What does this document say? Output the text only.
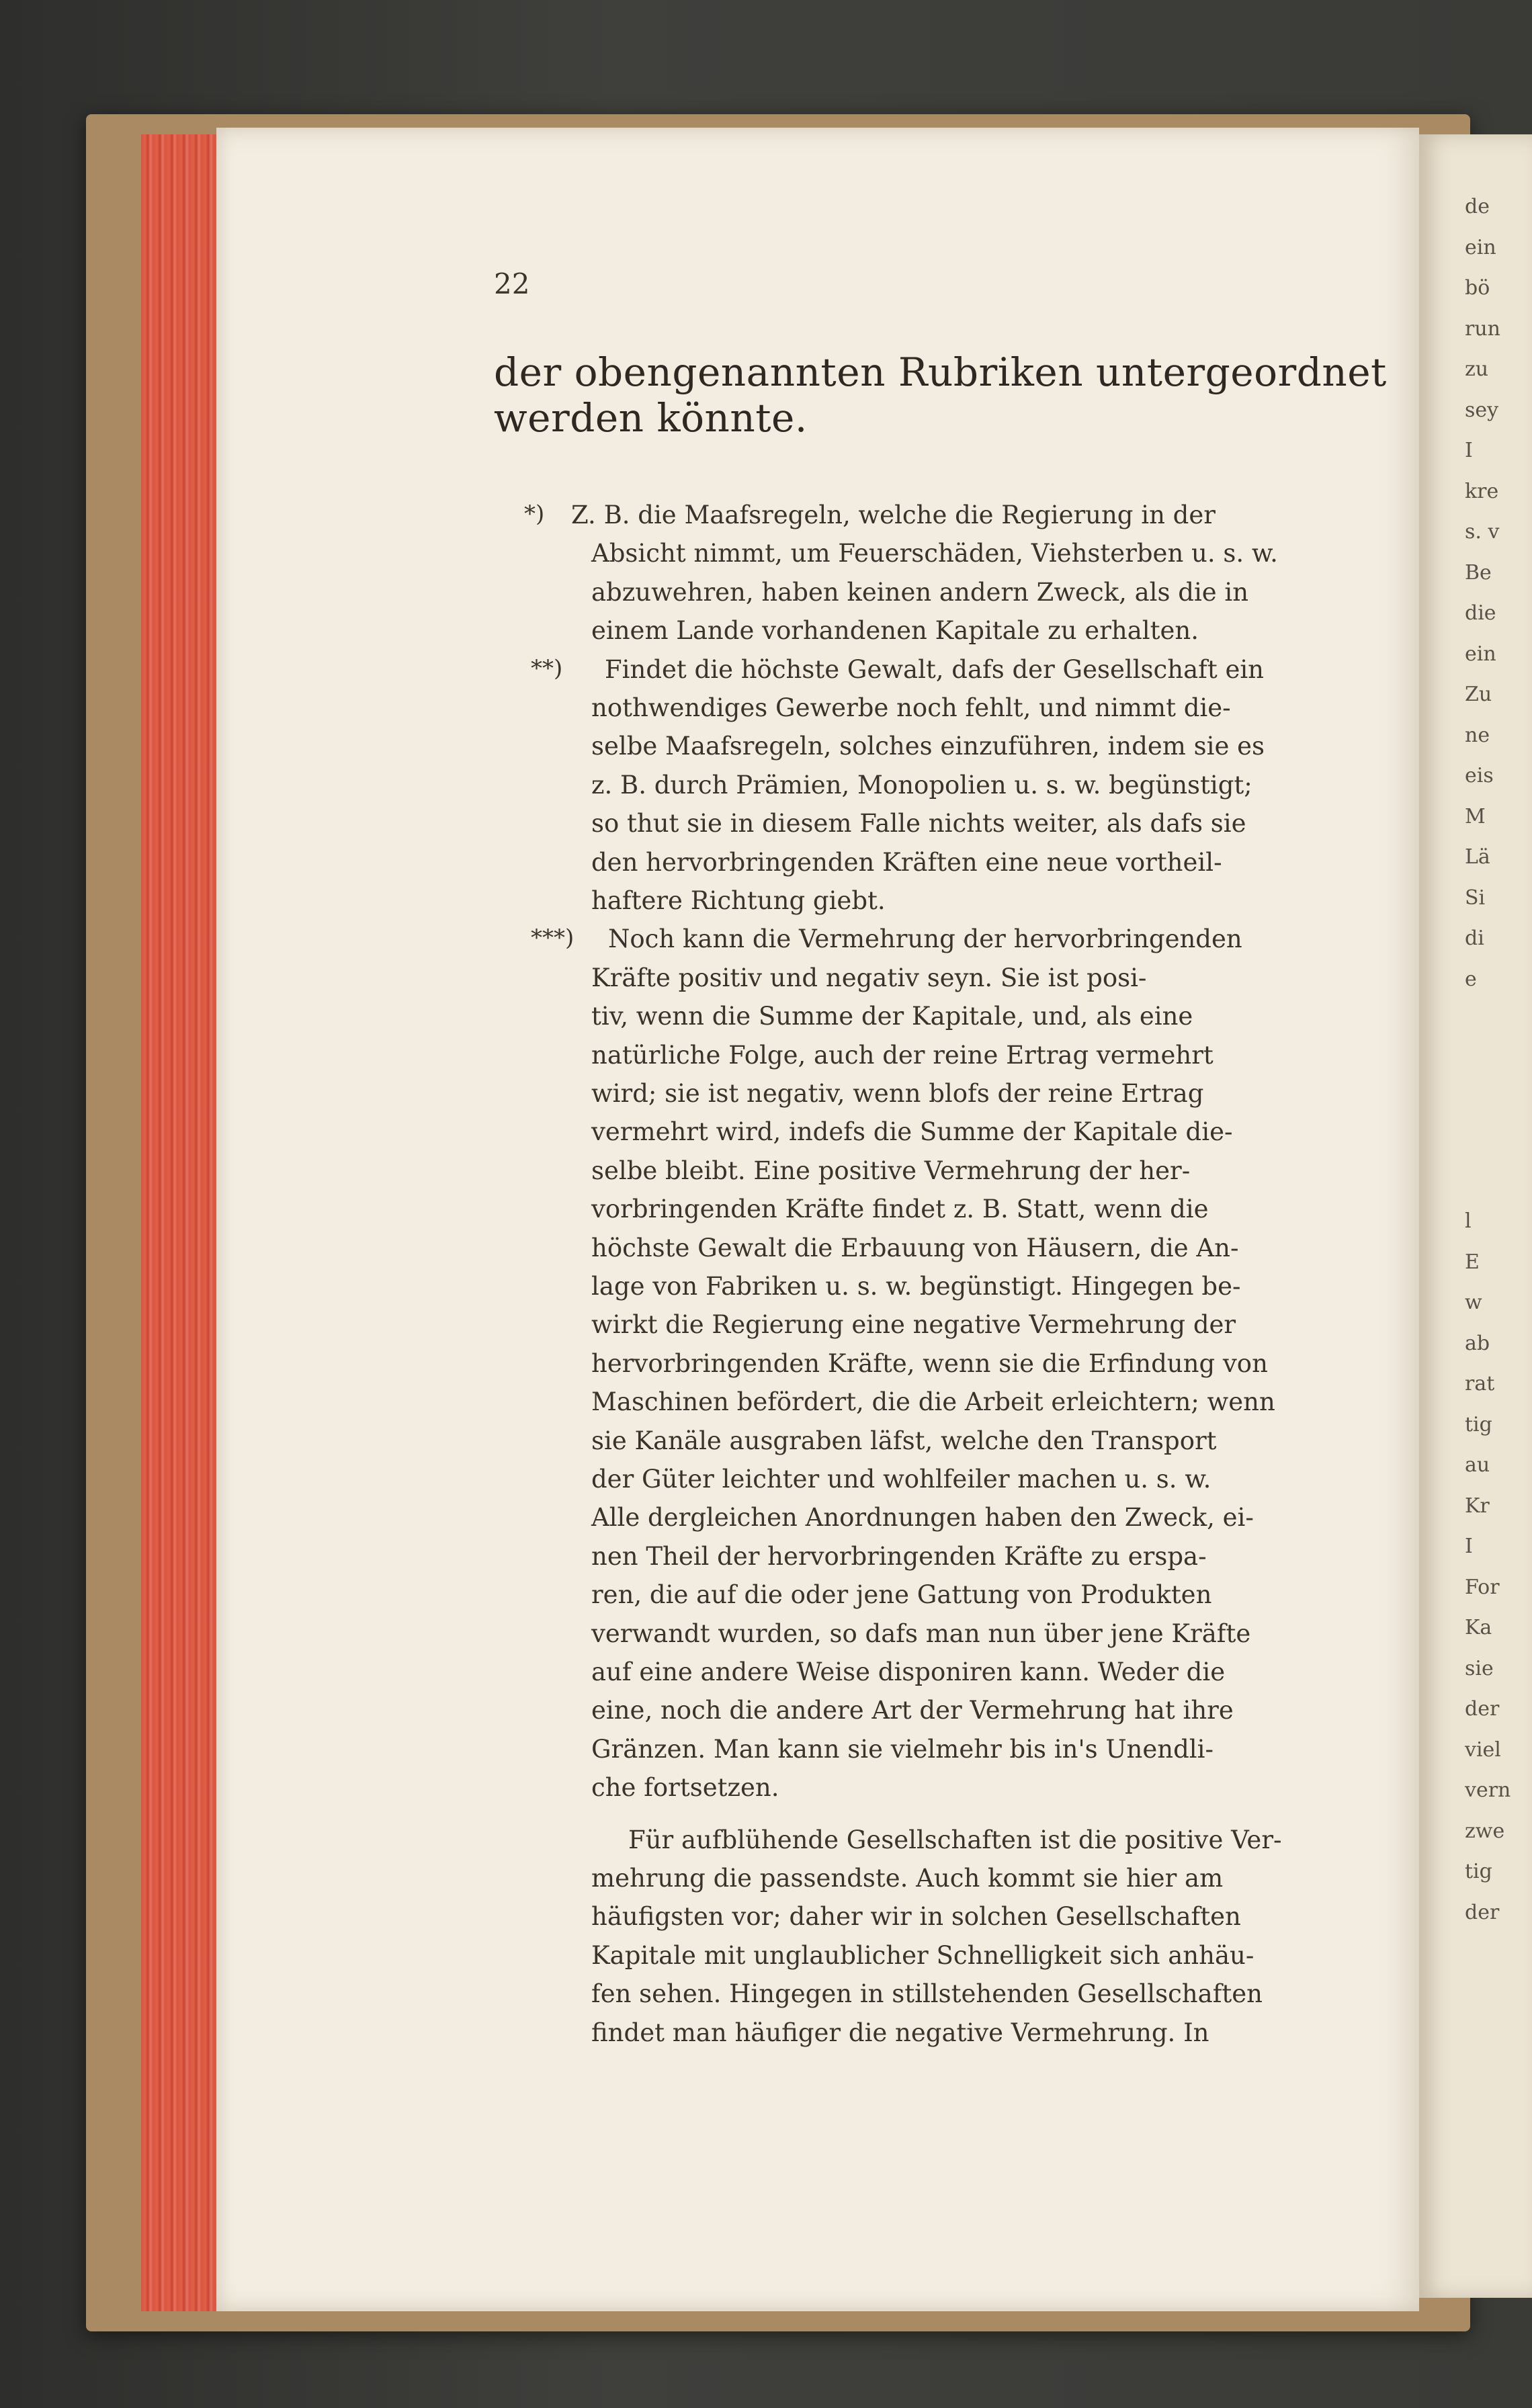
de
ein
bö
run
zu
sey
I
kre
s. v
Be
die
ein
Zu
ne
eis
M
Lä
Si
di
e
l
E
w
ab
rat
tig
au
Kr
I
For
Ka
sie
der
viel
vern
zwe
tig
der
22
der obengenannten Rubriken untergeordnet
werden könnte.
*) Z. B. die Maafsregeln, welche die Regierung in der
Absicht nimmt, um Feuerschäden, Viehsterben u. s. w.
abzuwehren, haben keinen andern Zweck, als die in
einem Lande vorhandenen Kapitale zu erhalten.
**) Findet die höchste Gewalt, dafs der Gesellschaft ein
nothwendiges Gewerbe noch fehlt, und nimmt die-
selbe Maafsregeln, solches einzuführen, indem sie es
z. B. durch Prämien, Monopolien u. s. w. begünstigt;
so thut sie in diesem Falle nichts weiter, als dafs sie
den hervorbringenden Kräften eine neue vortheil-
haftere Richtung giebt.
***) Noch kann die Vermehrung der hervorbringenden
Kräfte positiv und negativ seyn. Sie ist posi-
tiv, wenn die Summe der Kapitale, und, als eine
natürliche Folge, auch der reine Ertrag vermehrt
wird; sie ist negativ, wenn blofs der reine Ertrag
vermehrt wird, indefs die Summe der Kapitale die-
selbe bleibt. Eine positive Vermehrung der her-
vorbringenden Kräfte findet z. B. Statt, wenn die
höchste Gewalt die Erbauung von Häusern, die An-
lage von Fabriken u. s. w. begünstigt. Hingegen be-
wirkt die Regierung eine negative Vermehrung der
hervorbringenden Kräfte, wenn sie die Erfindung von
Maschinen befördert, die die Arbeit erleichtern; wenn
sie Kanäle ausgraben läfst, welche den Transport
der Güter leichter und wohlfeiler machen u. s. w.
Alle dergleichen Anordnungen haben den Zweck, ei-
nen Theil der hervorbringenden Kräfte zu erspa-
ren, die auf die oder jene Gattung von Produkten
verwandt wurden, so dafs man nun über jene Kräfte
auf eine andere Weise disponiren kann. Weder die
eine, noch die andere Art der Vermehrung hat ihre
Gränzen. Man kann sie vielmehr bis in's Unendli-
che fortsetzen.
Für aufblühende Gesellschaften ist die positive Ver-
mehrung die passendste. Auch kommt sie hier am
häufigsten vor; daher wir in solchen Gesellschaften
Kapitale mit unglaublicher Schnelligkeit sich anhäu-
fen sehen. Hingegen in stillstehenden Gesellschaften
findet man häufiger die negative Vermehrung. In
